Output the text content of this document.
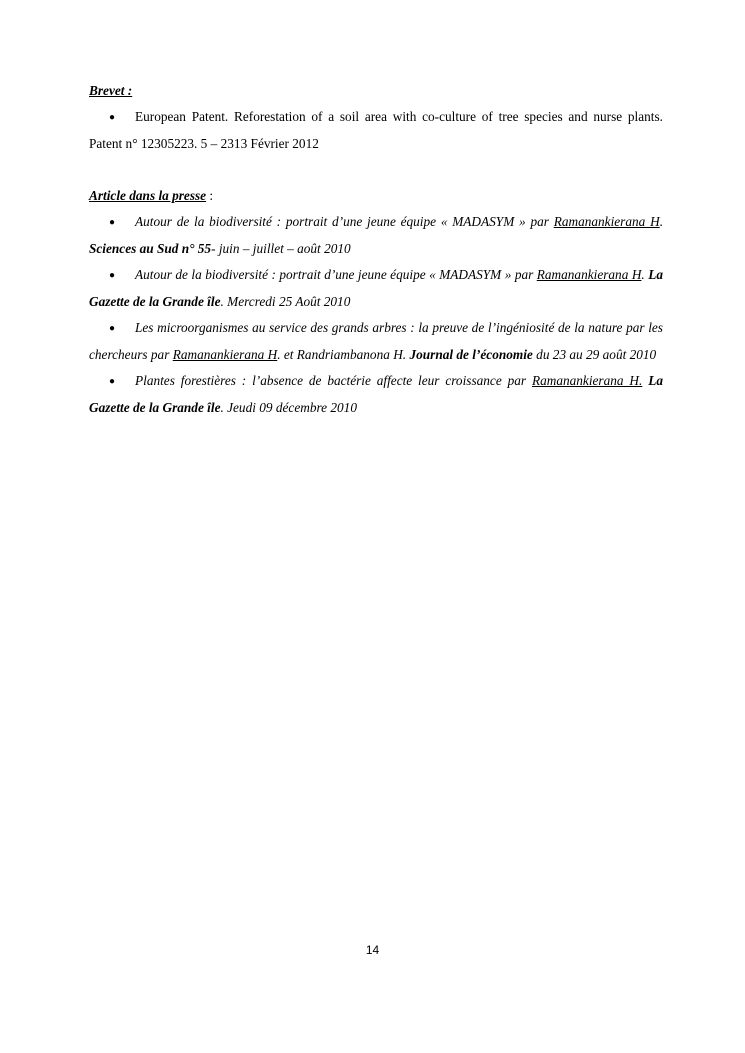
Brevet :

● European Patent. Reforestation of a soil area with co-culture of tree species and nurse plants. Patent n° 12305223. 5 – 2313 Février 2012

Article dans la presse :

● Autour de la biodiversité : portrait d’une jeune équipe « MADASYM » par Ramanankierana H. Sciences au Sud n° 55- juin – juillet – août 2010

● Autour de la biodiversité : portrait d’une jeune équipe « MADASYM » par Ramanankierana H. La Gazette de la Grande île. Mercredi 25 Août 2010

● Les microorganismes au service des grands arbres : la preuve de l’ingéniosité de la nature par les chercheurs par Ramanankierana H. et Randriambanona H. Journal de l’économie du 23 au 29 août 2010

● Plantes forestières : l’absence de bactérie affecte leur croissance par Ramanankierana H. La Gazette de la Grande île. Jeudi 09 décembre 2010

14
